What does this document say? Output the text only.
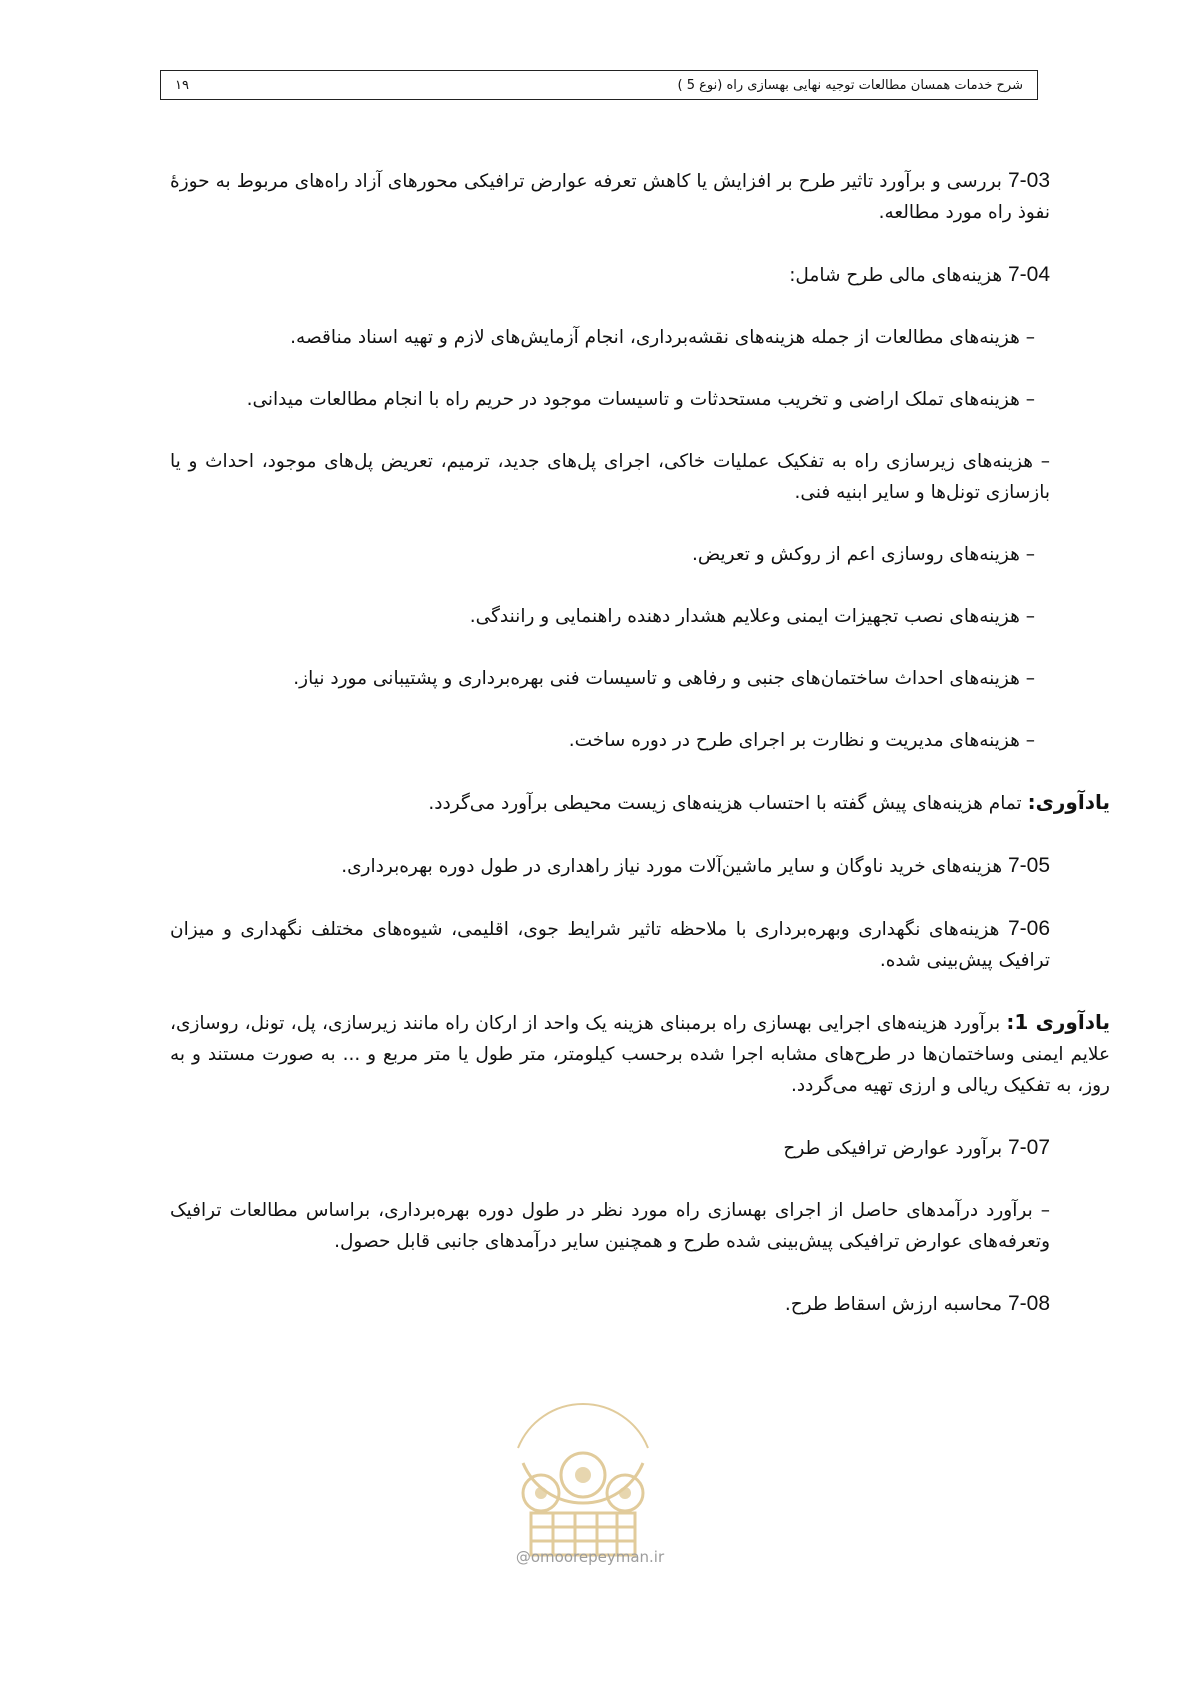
شرح خدمات همسان مطالعات توجیه نهایی بهسازی راه (نوع 5 )
۱۹

7-03 بررسی و برآورد تاثیر طرح بر افزایش یا کاهش تعرفه عوارض ترافیکی محورهای آزاد راه‌های مربوط به حوزهٔ نفوذ راه مورد مطالعه.

7-04 هزینه‌های مالی طرح شامل:

– هزینه‌های مطالعات از جمله هزینه‌های نقشه‌برداری، انجام آزمایش‌های لازم و تهیه اسناد مناقصه.

– هزینه‌های تملک اراضی و تخریب مستحدثات و تاسیسات موجود در حریم راه با انجام مطالعات میدانی.

– هزینه‌های زیرسازی راه به تفکیک عملیات خاکی، اجرای پل‌های جدید، ترمیم، تعریض پل‌های موجود، احداث و یا بازسازی تونل‌ها و سایر ابنیه فنی.

– هزینه‌های روسازی اعم از روکش و تعریض.

– هزینه‌های نصب تجهیزات ایمنی وعلایم هشدار دهنده راهنمایی و رانندگی.

– هزینه‌های احداث ساختمان‌های جنبی و رفاهی و تاسیسات فنی بهره‌برداری و پشتیبانی مورد نیاز.

– هزینه‌های مدیریت و نظارت بر اجرای طرح در دوره ساخت.

یادآوری: تمام هزینه‌های پیش گفته با احتساب هزینه‌های زیست محیطی برآورد می‌گردد.

7-05 هزینه‌های خرید ناوگان و سایر ماشین‌آلات مورد نیاز راهداری در طول دوره بهره‌برداری.

7-06 هزینه‌های نگهداری وبهره‌برداری با ملاحظه تاثیر شرایط جوی، اقلیمی، شیوه‌های مختلف نگهداری و میزان ترافیک پیش‌بینی شده.

یادآوری 1: برآورد هزینه‌های اجرایی بهسازی راه برمبنای هزینه یک واحد از ارکان راه مانند زیرسازی، پل، تونل، روسازی، علایم ایمنی وساختمان‌ها در طرح‌های مشابه اجرا شده برحسب کیلومتر، متر طول یا متر مربع و ... به صورت مستند و به روز، به تفکیک ریالی و ارزی تهیه می‌گردد.

7-07 برآورد عوارض ترافیکی طرح

– برآورد درآمدهای حاصل از اجرای بهسازی راه مورد نظر در طول دوره بهره‌برداری، براساس مطالعات ترافیک وتعرفه‌های عوارض ترافیکی پیش‌بینی شده طرح و همچنین سایر درآمدهای جانبی قابل حصول.

7-08 محاسبه ارزش اسقاط طرح.

@omoorepeyman.ir
